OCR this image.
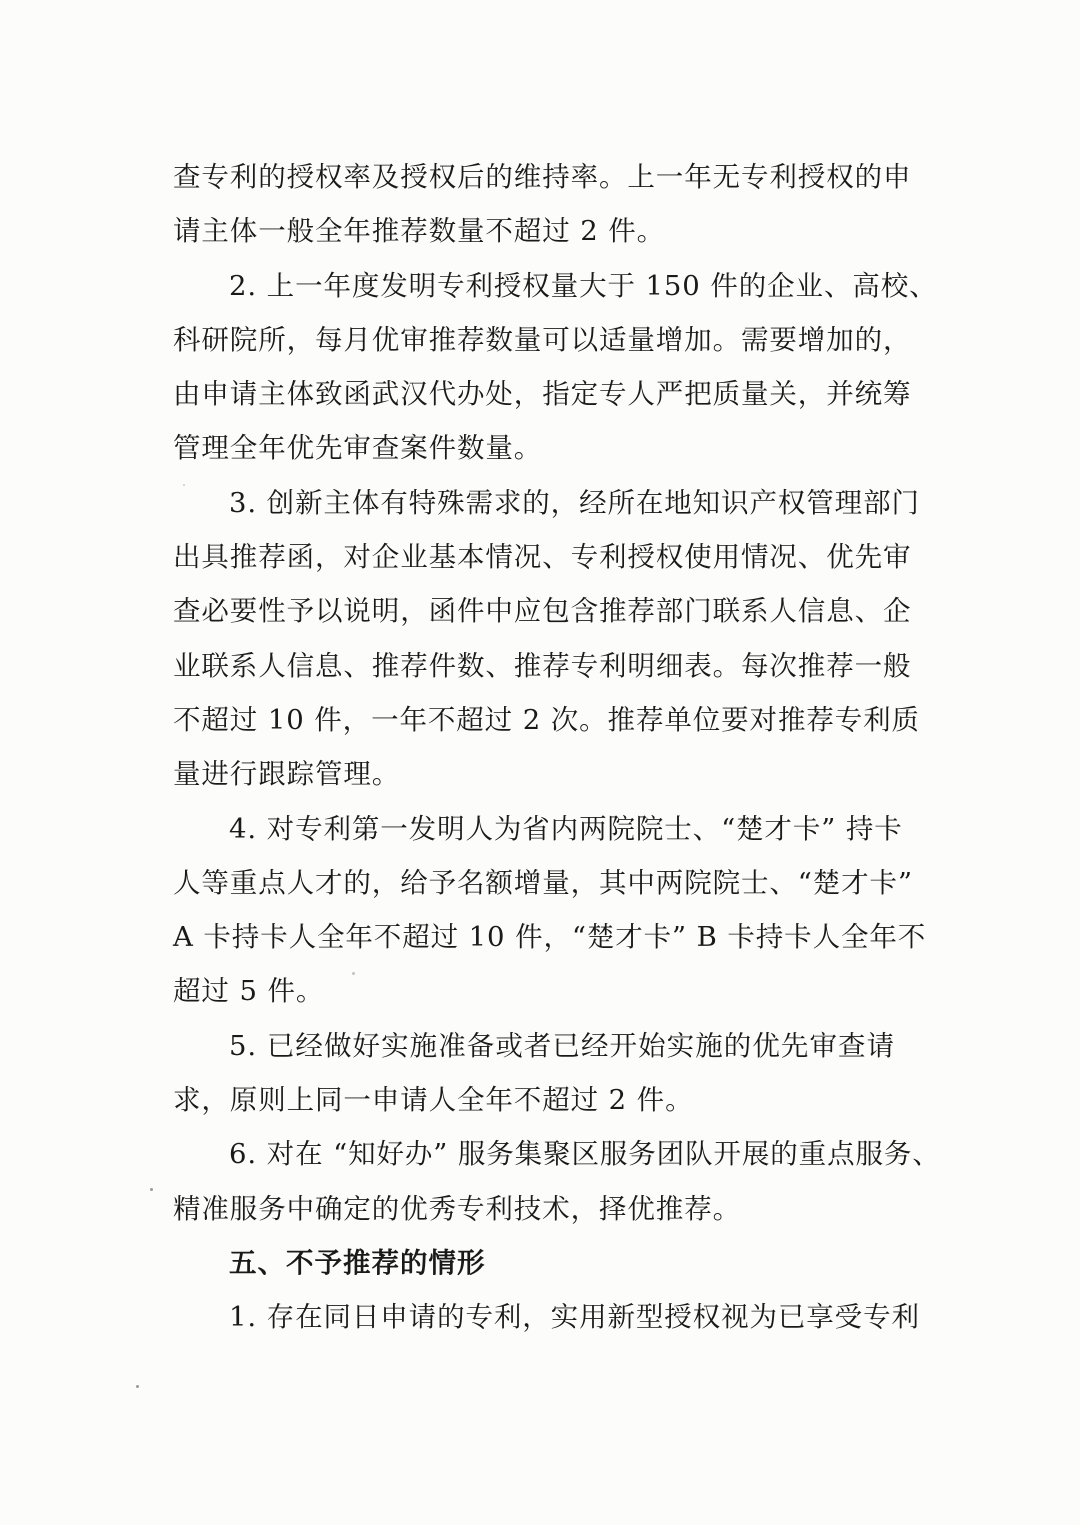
查专利的授权率及授权后的维持率。上一年无专利授权的申
请主体一般全年推荐数量不超过 2 件。
2. 上一年度发明专利授权量大于 150 件的企业、高校、
科研院所，每月优审推荐数量可以适量增加。需要增加的，
由申请主体致函武汉代办处，指定专人严把质量关，并统筹
管理全年优先审查案件数量。
3. 创新主体有特殊需求的，经所在地知识产权管理部门
出具推荐函，对企业基本情况、专利授权使用情况、优先审
查必要性予以说明，函件中应包含推荐部门联系人信息、企
业联系人信息、推荐件数、推荐专利明细表。每次推荐一般
不超过 10 件，一年不超过 2 次。推荐单位要对推荐专利质
量进行跟踪管理。
4. 对专利第一发明人为省内两院院士、“楚才卡” 持卡
人等重点人才的，给予名额增量，其中两院院士、“楚才卡”
A 卡持卡人全年不超过 10 件，“楚才卡” B 卡持卡人全年不
超过 5 件。
5. 已经做好实施准备或者已经开始实施的优先审查请
求，原则上同一申请人全年不超过 2 件。
6. 对在 “知好办” 服务集聚区服务团队开展的重点服务、
精准服务中确定的优秀专利技术，择优推荐。
五、不予推荐的情形
1. 存在同日申请的专利，实用新型授权视为已享受专利
